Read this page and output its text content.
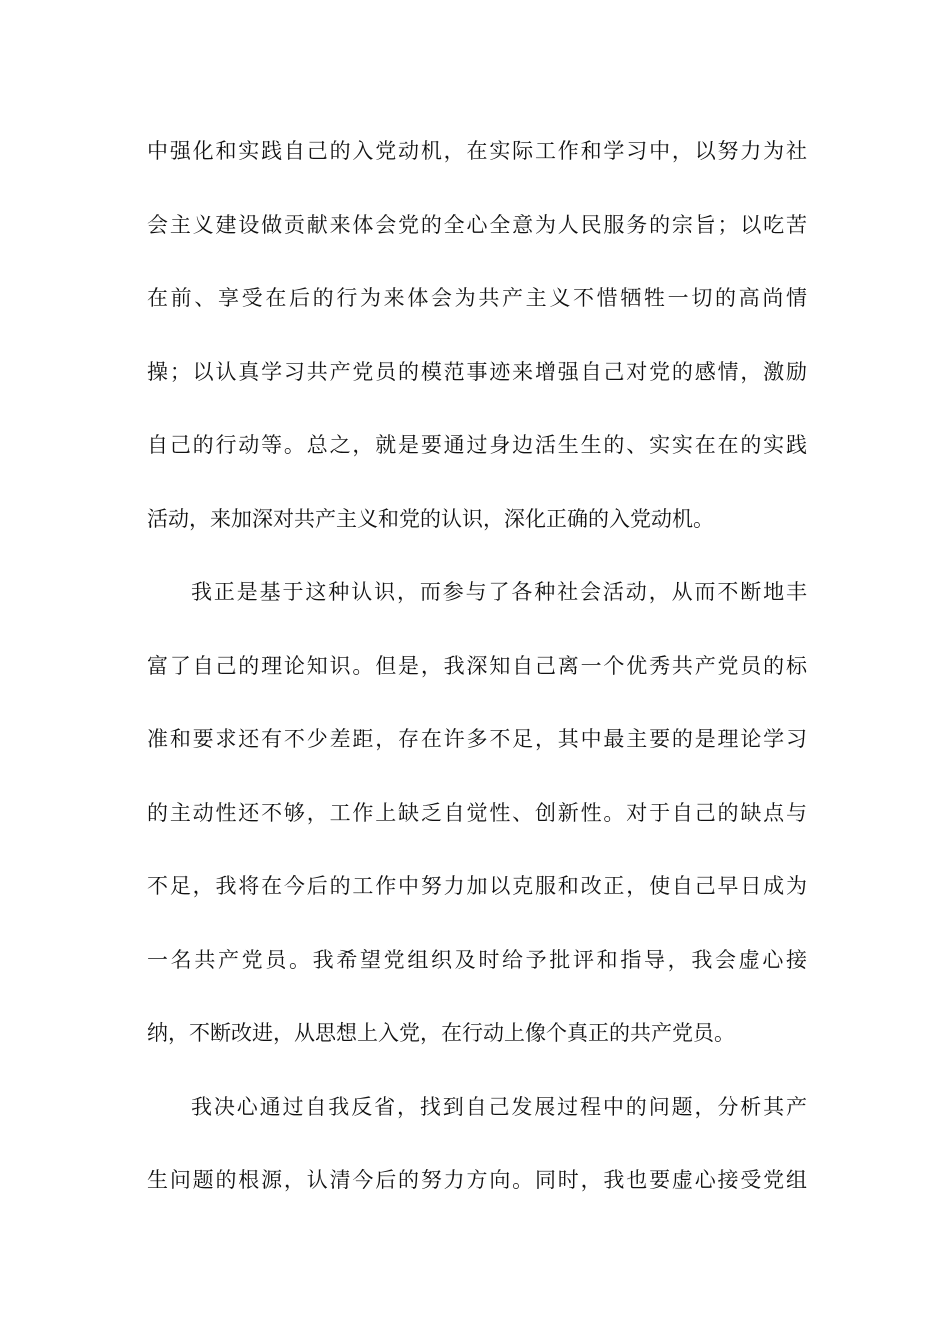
中强化和实践自己的入党动机，在实际工作和学习中，以努力为社
会主义建设做贡献来体会党的全心全意为人民服务的宗旨；以吃苦
在前、享受在后的行为来体会为共产主义不惜牺牲一切的高尚情
操；以认真学习共产党员的模范事迹来增强自己对党的感情，激励
自己的行动等。总之，就是要通过身边活生生的、实实在在的实践
活动，来加深对共产主义和党的认识，深化正确的入党动机。
我正是基于这种认识，而参与了各种社会活动，从而不断地丰
富了自己的理论知识。但是，我深知自己离一个优秀共产党员的标
准和要求还有不少差距，存在许多不足，其中最主要的是理论学习
的主动性还不够，工作上缺乏自觉性、创新性。对于自己的缺点与
不足，我将在今后的工作中努力加以克服和改正，使自己早日成为
一名共产党员。我希望党组织及时给予批评和指导，我会虚心接
纳，不断改进，从思想上入党，在行动上像个真正的共产党员。
我决心通过自我反省，找到自己发展过程中的问题，分析其产
生问题的根源，认清今后的努力方向。同时，我也要虚心接受党组
